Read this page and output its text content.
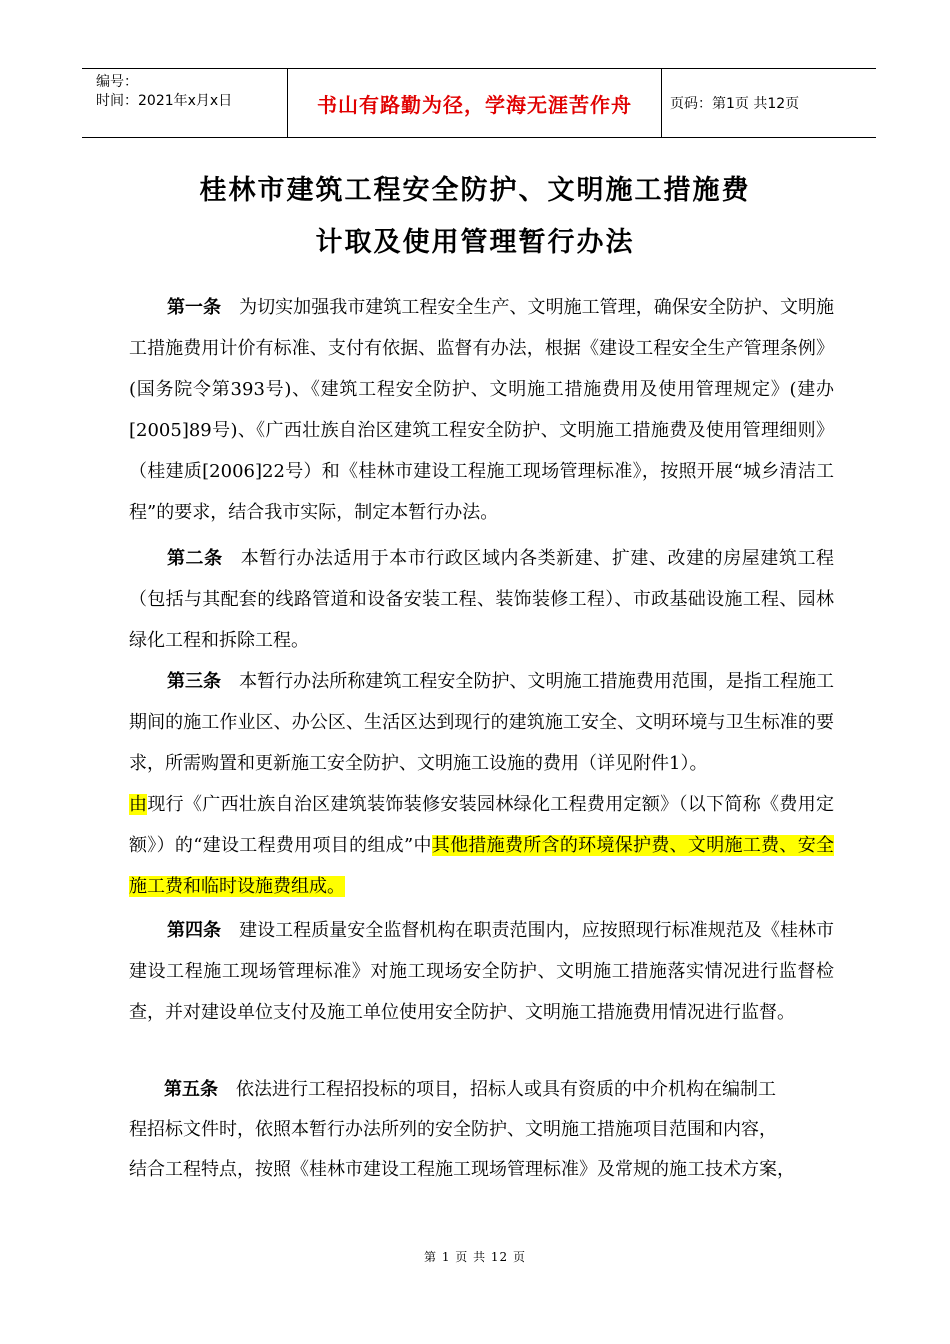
编号：
时间：2021年x月x日	书山有路勤为径，学海无涯苦作舟	页码：第1页 共12页
桂林市建筑工程安全防护、文明施工措施费
计取及使用管理暂行办法
第一条 为切实加强我市建筑工程安全生产、文明施工管理，确保安全防护、文明施工措施费用计价有标准、支付有依据、监督有办法，根据《建设工程安全生产管理条例》(国务院令第393号)、《建筑工程安全防护、文明施工措施费用及使用管理规定》(建办[2005]89号)、《广西壮族自治区建筑工程安全防护、文明施工措施费及使用管理细则》（桂建质[2006]22号）和《桂林市建设工程施工现场管理标准》，按照开展“城乡清洁工程”的要求，结合我市实际，制定本暂行办法。
第二条 本暂行办法适用于本市行政区域内各类新建、扩建、改建的房屋建筑工程（包括与其配套的线路管道和设备安装工程、装饰装修工程）、市政基础设施工程、园林绿化工程和拆除工程。
第三条 本暂行办法所称建筑工程安全防护、文明施工措施费用范围，是指工程施工期间的施工作业区、办公区、生活区达到现行的建筑施工安全、文明环境与卫生标准的要求，所需购置和更新施工安全防护、文明施工设施的费用（详见附件1）。
由现行《广西壮族自治区建筑装饰装修安装园林绿化工程费用定额》（以下简称《费用定额》）的“建设工程费用项目的组成”中其他措施费所含的环境保护费、文明施工费、安全施工费和临时设施费组成。
第四条 建设工程质量安全监督机构在职责范围内，应按照现行标准规范及《桂林市建设工程施工现场管理标准》对施工现场安全防护、文明施工措施落实情况进行监督检查，并对建设单位支付及施工单位使用安全防护、文明施工措施费用情况进行监督。
第五条 依法进行工程招投标的项目，招标人或具有资质的中介机构在编制工
程招标文件时，依照本暂行办法所列的安全防护、文明施工措施项目范围和内容，
结合工程特点，按照《桂林市建设工程施工现场管理标准》及常规的施工技术方案，
第 1 页 共 12 页
